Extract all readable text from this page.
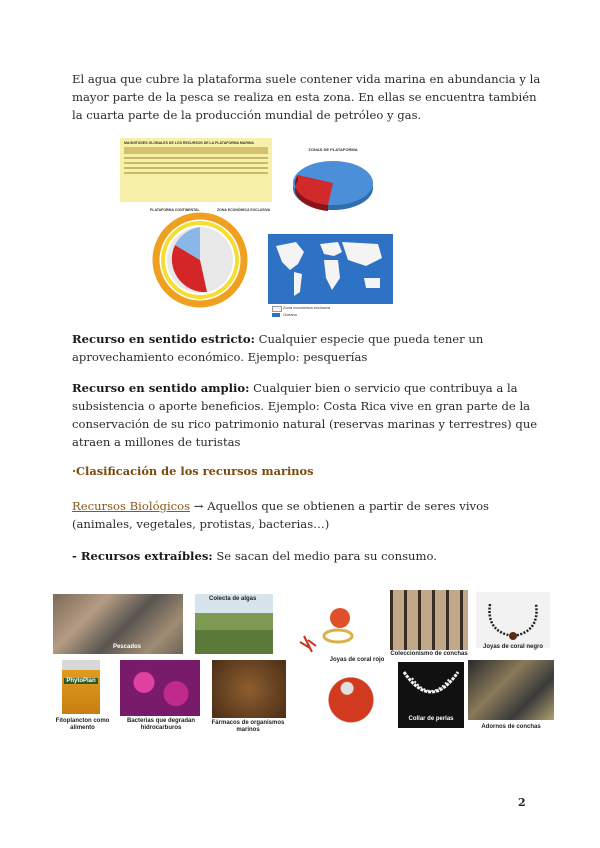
El agua que cubre la plataforma suele contener vida marina en abundancia y la mayor parte de la pesca se realiza en esta zona. En ellas se encuentra también la cuarta parte de la producción mundial de petróleo y gas.

MAGNITUDES GLOBALES DE LOS RECURSOS DE LA PLATAFORMA MARINA
ZONAS DE PLATAFORMA
PLATAFORMA CONTINENTAL	ZONA ECONÓMICA EXCLUSIVA
Zona económica exclusiva
Océano

Recurso en sentido estricto: Cualquier especie que pueda tener un aprovechamiento económico. Ejemplo: pesquerías

Recurso en sentido amplio: Cualquier bien o servicio que contribuya a la subsistencia o aporte beneficios. Ejemplo: Costa Rica vive en gran parte de la conservación de su rico patrimonio natural (reservas marinas y terrestres) que atraen a millones de turistas

·Clasificación de los recursos marinos

Recursos Biológicos → Aquellos que se obtienen a partir de seres vivos (animales, vegetales, protistas, bacterias…)

- Recursos extraíbles: Se sacan del medio para su consumo.

Pescados
Colecta de algas
PhytoPlan
Fitoplancton como alimento
Bacterias que degradan hidrocarburos
Fármacos de organismos marinos
Joyas de coral rojo
Coleccionismo de conchas
Joyas de coral negro
Collar de perlas
Adornos de conchas
2
